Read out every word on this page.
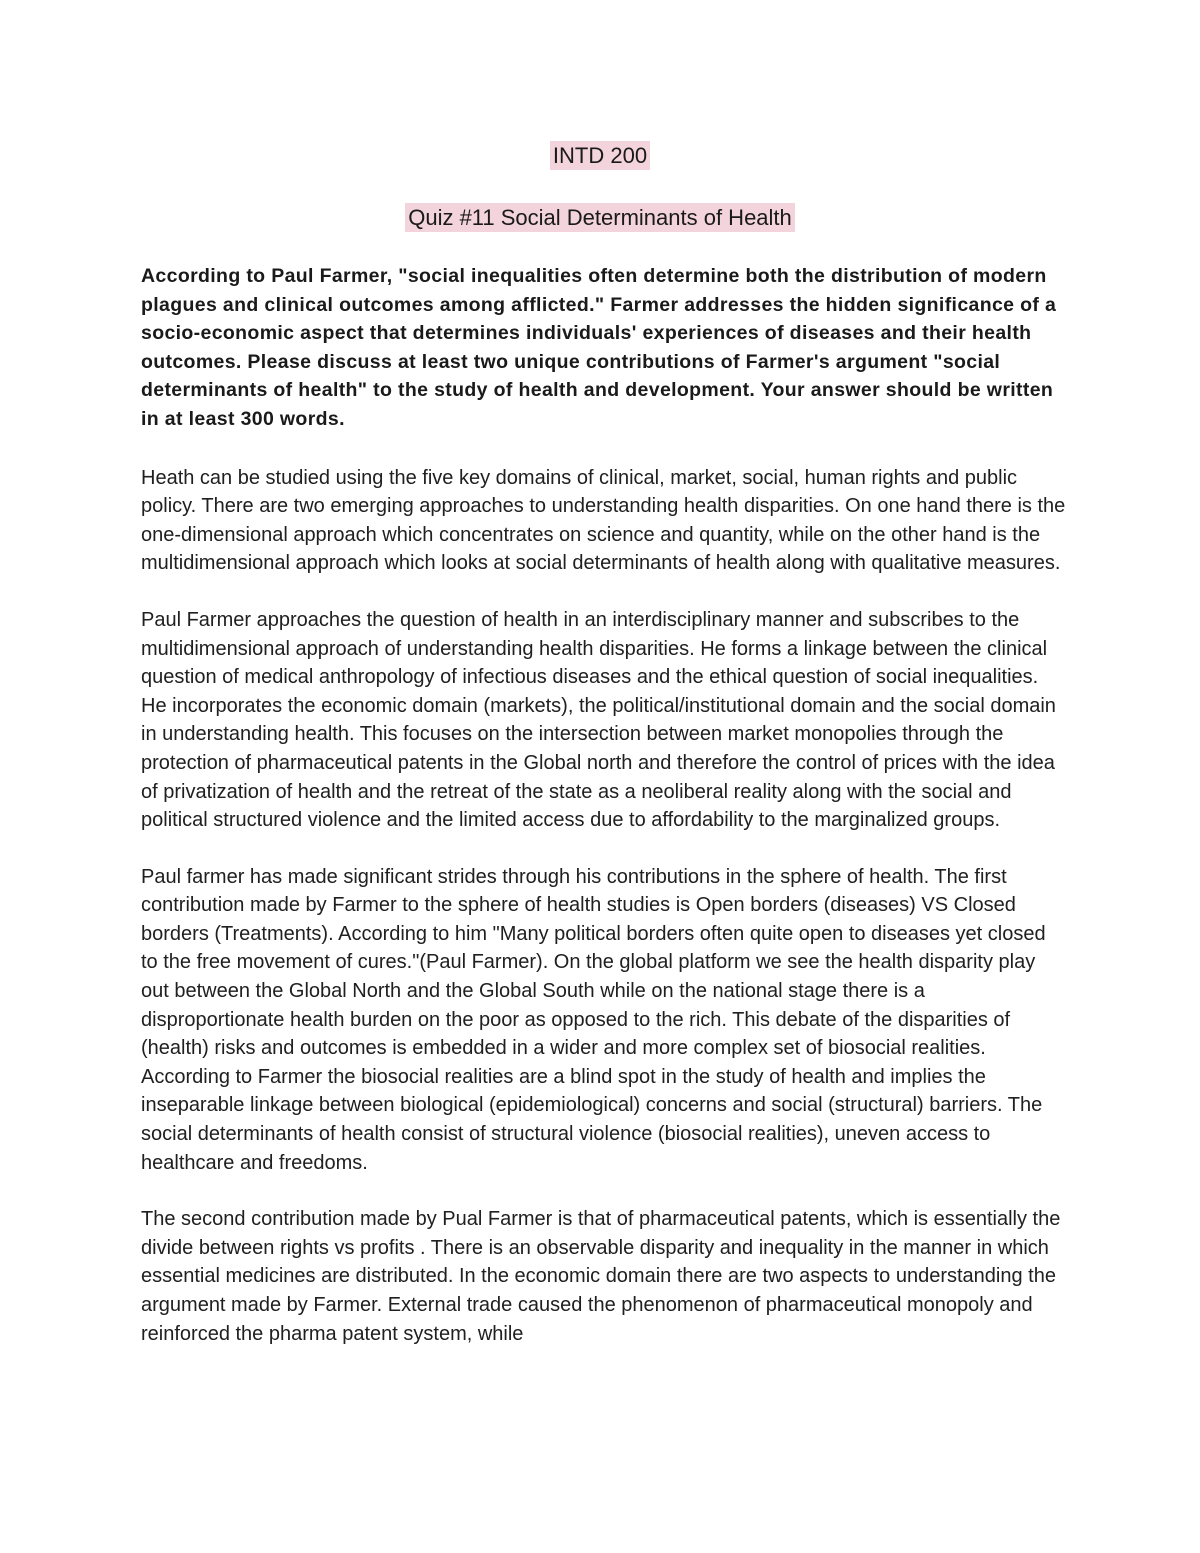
INTD 200
Quiz #11 Social Determinants of Health

According to Paul Farmer, "social inequalities often determine both the distribution of modern plagues and clinical outcomes among afflicted." Farmer addresses the hidden significance of a socio-economic aspect that determines individuals' experiences of diseases and their health outcomes. Please discuss at least two unique contributions of Farmer's argument "social determinants of health" to the study of health and development. Your answer should be written in at least 300 words.

Heath can be studied using the five key domains of clinical, market, social, human rights and public policy. There are two emerging approaches to understanding health disparities. On one hand there is the one-dimensional approach which concentrates on science and quantity, while on the other hand is the multidimensional approach which looks at social determinants of health along with qualitative measures.

Paul Farmer approaches the question of health in an interdisciplinary manner and subscribes to the multidimensional approach of understanding health disparities. He forms a linkage between the clinical question of medical anthropology of infectious diseases and the ethical question of social inequalities. He incorporates the economic domain (markets), the political/institutional domain and the social domain in understanding health. This focuses on the intersection between market monopolies through the protection of pharmaceutical patents in the Global north and therefore the control of prices with the idea of privatization of health and the retreat of the state as a neoliberal reality along with the social and political structured violence and the limited access due to affordability to the marginalized groups.

Paul farmer has made significant strides through his contributions in the sphere of health. The first contribution made by Farmer to the sphere of health studies is Open borders (diseases) VS Closed borders (Treatments). According to him "Many political borders often quite open to diseases yet closed to the free movement of cures."(Paul Farmer). On the global platform we see the health disparity play out between the Global North and the Global South while on the national stage there is a disproportionate health burden on the poor as opposed to the rich. This debate of the disparities of (health) risks and outcomes is embedded in a wider and more complex set of biosocial realities. According to Farmer the biosocial realities are a blind spot in the study of health and implies the inseparable linkage between biological (epidemiological) concerns and social (structural) barriers. The social determinants of health consist of structural violence (biosocial realities), uneven access to healthcare and freedoms.

The second contribution made by Pual Farmer is that of pharmaceutical patents, which is essentially the divide between rights vs profits . There is an observable disparity and inequality in the manner in which essential medicines are distributed. In the economic domain there are two aspects to understanding the argument made by Farmer. External trade caused the phenomenon of pharmaceutical monopoly and reinforced the pharma patent system, while
